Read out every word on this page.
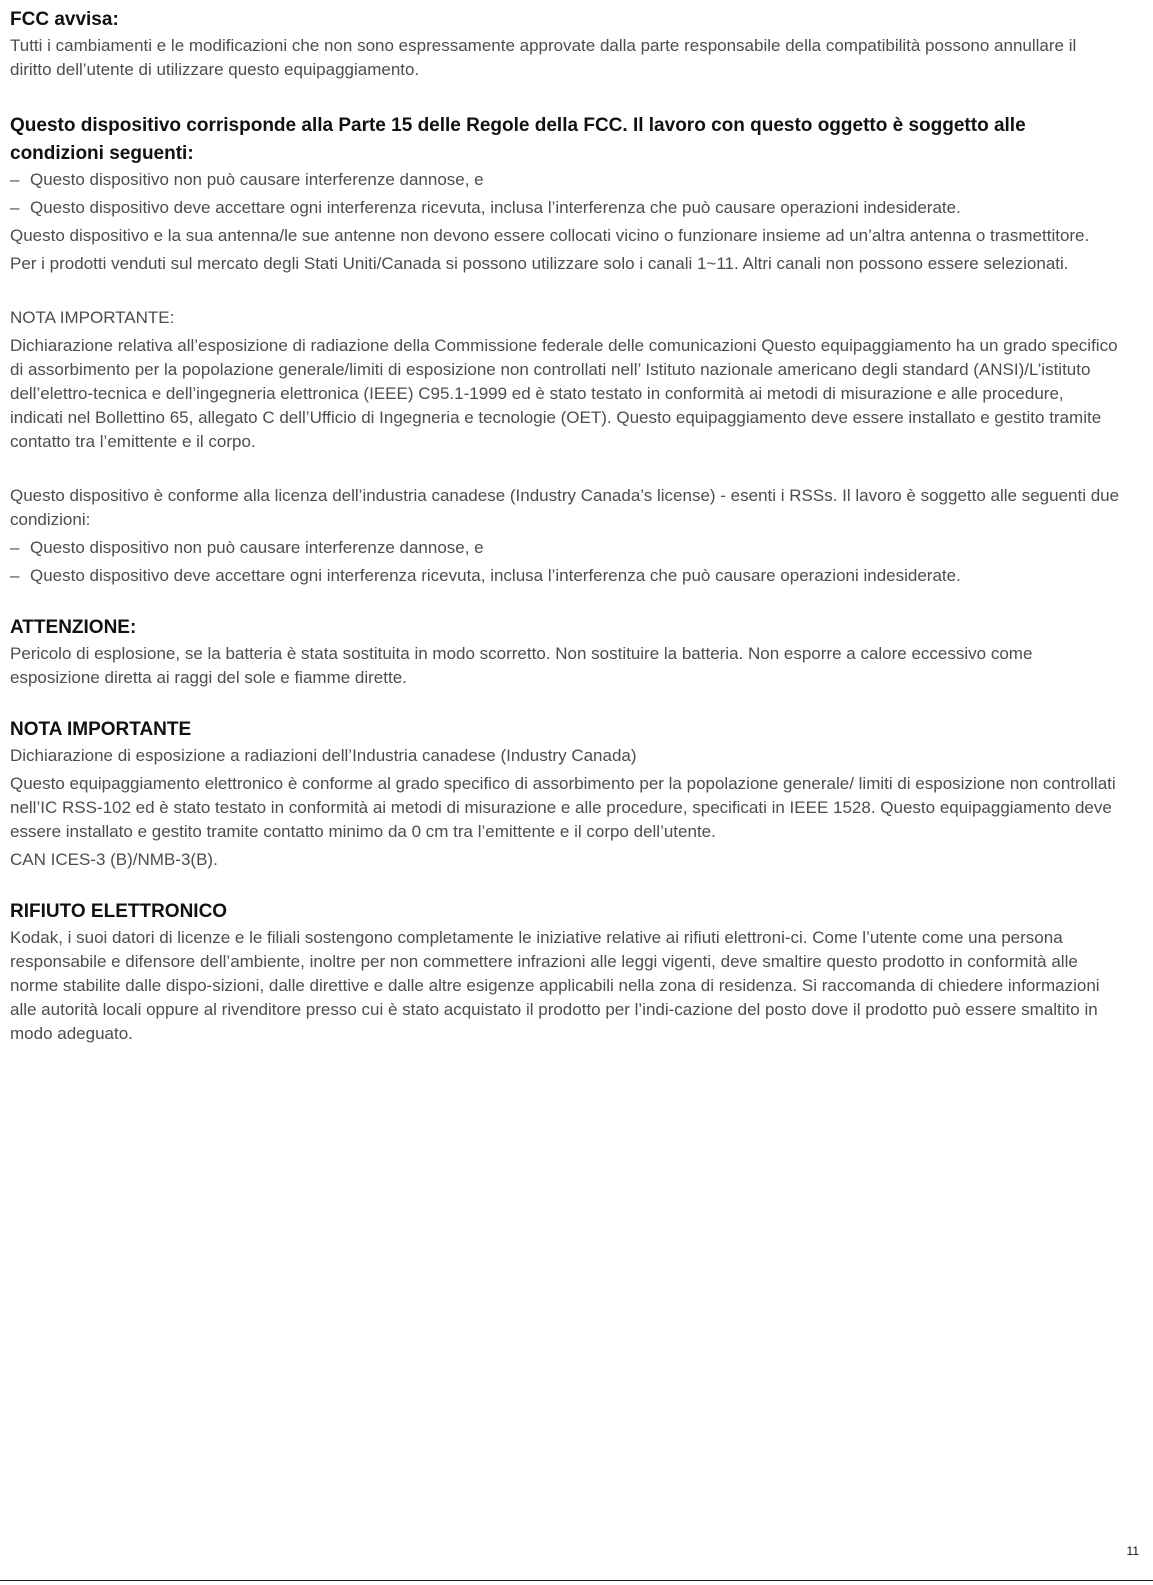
FCC avvisa:

Tutti i cambiamenti e le modificazioni che non sono espressamente approvate dalla parte responsabile della compatibilità possono annullare il diritto dell’utente di utilizzare questo equipaggiamento.

Questo dispositivo corrisponde alla Parte 15 delle Regole della FCC. Il lavoro con questo oggetto è soggetto alle condizioni seguenti:
– Questo dispositivo non può causare interferenze dannose, e
– Questo dispositivo deve accettare ogni interferenza ricevuta, inclusa l’interferenza che può causare operazioni indesiderate.

Questo dispositivo e la sua antenna/le sue antenne non devono essere collocati vicino o funzionare insieme ad un’altra antenna o trasmettitore.

Per i prodotti venduti sul mercato degli Stati Uniti/Canada si possono utilizzare solo i canali 1~11. Altri canali non possono essere selezionati.

NOTA IMPORTANTE:

Dichiarazione relativa all’esposizione di radiazione della Commissione federale delle comunicazioni Questo equipaggiamento ha un grado specifico di assorbimento per la popolazione generale/limiti di esposizione non controllati nell’ Istituto nazionale americano degli standard (ANSI)/L’istituto dell’elettro-tecnica e dell’ingegneria elettronica (IEEE) C95.1-1999 ed è stato testato in conformità ai metodi di misurazione e alle procedure, indicati nel Bollettino 65, allegato C dell’Ufficio di Ingegneria e tecnologie (OET). Questo equipaggiamento deve essere installato e gestito tramite contatto tra l’emittente e il corpo.

Questo dispositivo è conforme alla licenza dell’industria canadese (Industry Canada’s license) - esenti i RSSs. Il lavoro è soggetto alle seguenti due condizioni:

– Questo dispositivo non può causare interferenze dannose, e
– Questo dispositivo deve accettare ogni interferenza ricevuta, inclusa l’interferenza che può causare operazioni indesiderate.
ATTENZIONE:

Pericolo di esplosione, se la batteria è stata sostituita in modo scorretto. Non sostituire la batteria. Non esporre a calore eccessivo come esposizione diretta ai raggi del sole e fiamme dirette.

NOTA IMPORTANTE

Dichiarazione di esposizione a radiazioni dell’Industria canadese (Industry Canada)

Questo equipaggiamento elettronico è conforme al grado specifico di assorbimento per la popolazione generale/ limiti di esposizione non controllati nell’IC RSS-102 ed è stato testato in conformità ai metodi di misurazione e alle procedure, specificati in IEEE 1528. Questo equipaggiamento deve essere installato e gestito tramite contatto minimo da 0 cm tra l’emittente e il corpo dell’utente.

CAN ICES-3 (B)/NMB-3(B).

RIFIUTO ELETTRONICO

Kodak, i suoi datori di licenze e le filiali sostengono completamente le iniziative relative ai rifiuti elettroni-ci. Come l’utente come una persona responsabile e difensore dell’ambiente, inoltre per non commettere infrazioni alle leggi vigenti, deve smaltire questo prodotto in conformità alle norme stabilite dalle dispo-sizioni, dalle direttive e dalle altre esigenze applicabili nella zona di residenza. Si raccomanda di chiedere informazioni alle autorità locali oppure al rivenditore presso cui è stato acquistato il prodotto per l’indi-cazione del posto dove il prodotto può essere smaltito in modo adeguato.

11
